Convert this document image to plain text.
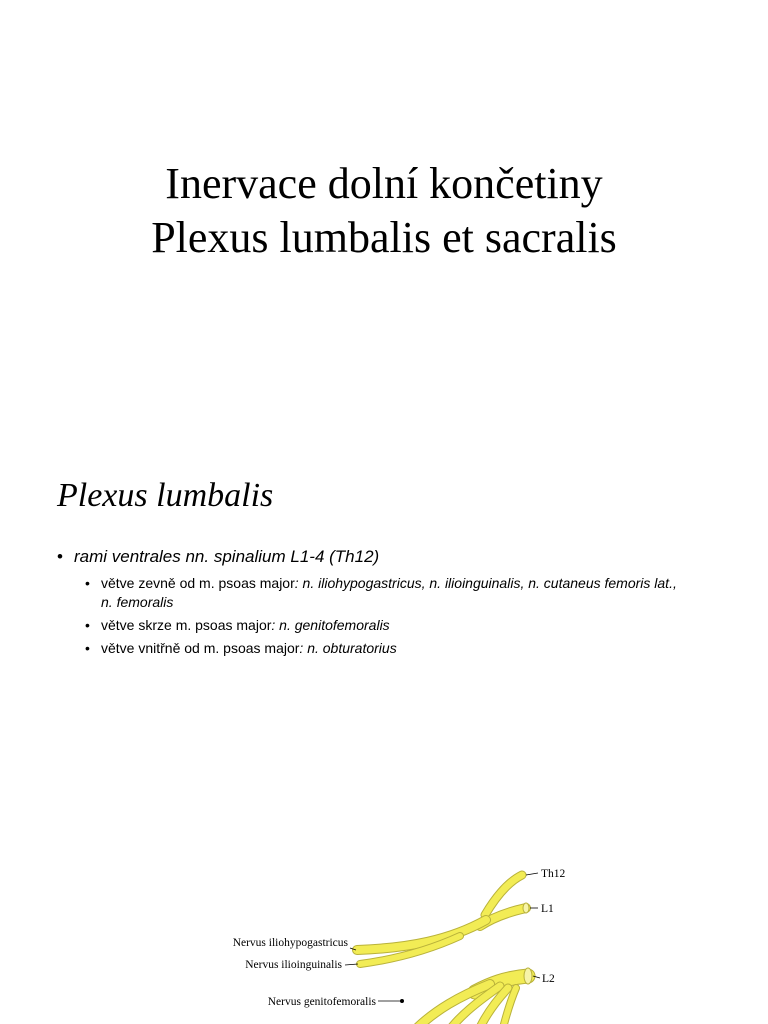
Inervace dolní končetiny
Plexus lumbalis et sacralis
Plexus lumbalis
• rami ventrales nn. spinalium L1-4 (Th12)
• větve zevně od m. psoas major: n. iliohypogastricus, n. ilioinguinalis, n. cutaneus femoris lat., n. femoralis
• větve skrze m. psoas major: n. genitofemoralis
• větve vnitřně od m. psoas major: n. obturatorius
Th12
L1
L2
Nervus iliohypogastricus
Nervus ilioinguinalis
Nervus genitofemoralis
